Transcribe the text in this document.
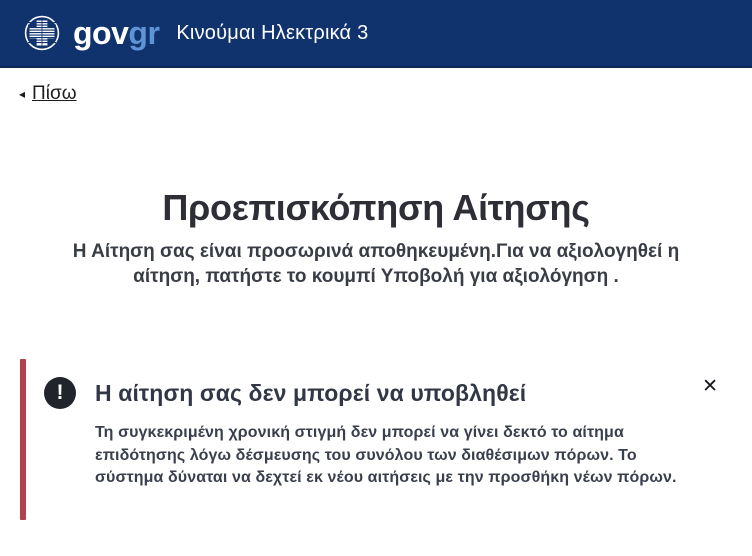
govgr Κινούμαι Ηλεκτρικά 3
◂ Πίσω
Προεπισκόπηση Αίτησης

Η Αίτηση σας είναι προσωρινά αποθηκευμένη.Για να αξιολογηθεί η αίτηση, πατήστε το κουμπί Υποβολή για αξιολόγηση .

!	Η αίτηση σας δεν μπορεί να υποβληθεί

Τη συγκεκριμένη χρονική στιγμή δεν μπορεί να γίνει δεκτό το αίτημα επιδότησης λόγω δέσμευσης του συνόλου των διαθέσιμων πόρων. Το σύστημα δύναται να δεχτεί εκ νέου αιτήσεις με την προσθήκη νέων πόρων.

✕
